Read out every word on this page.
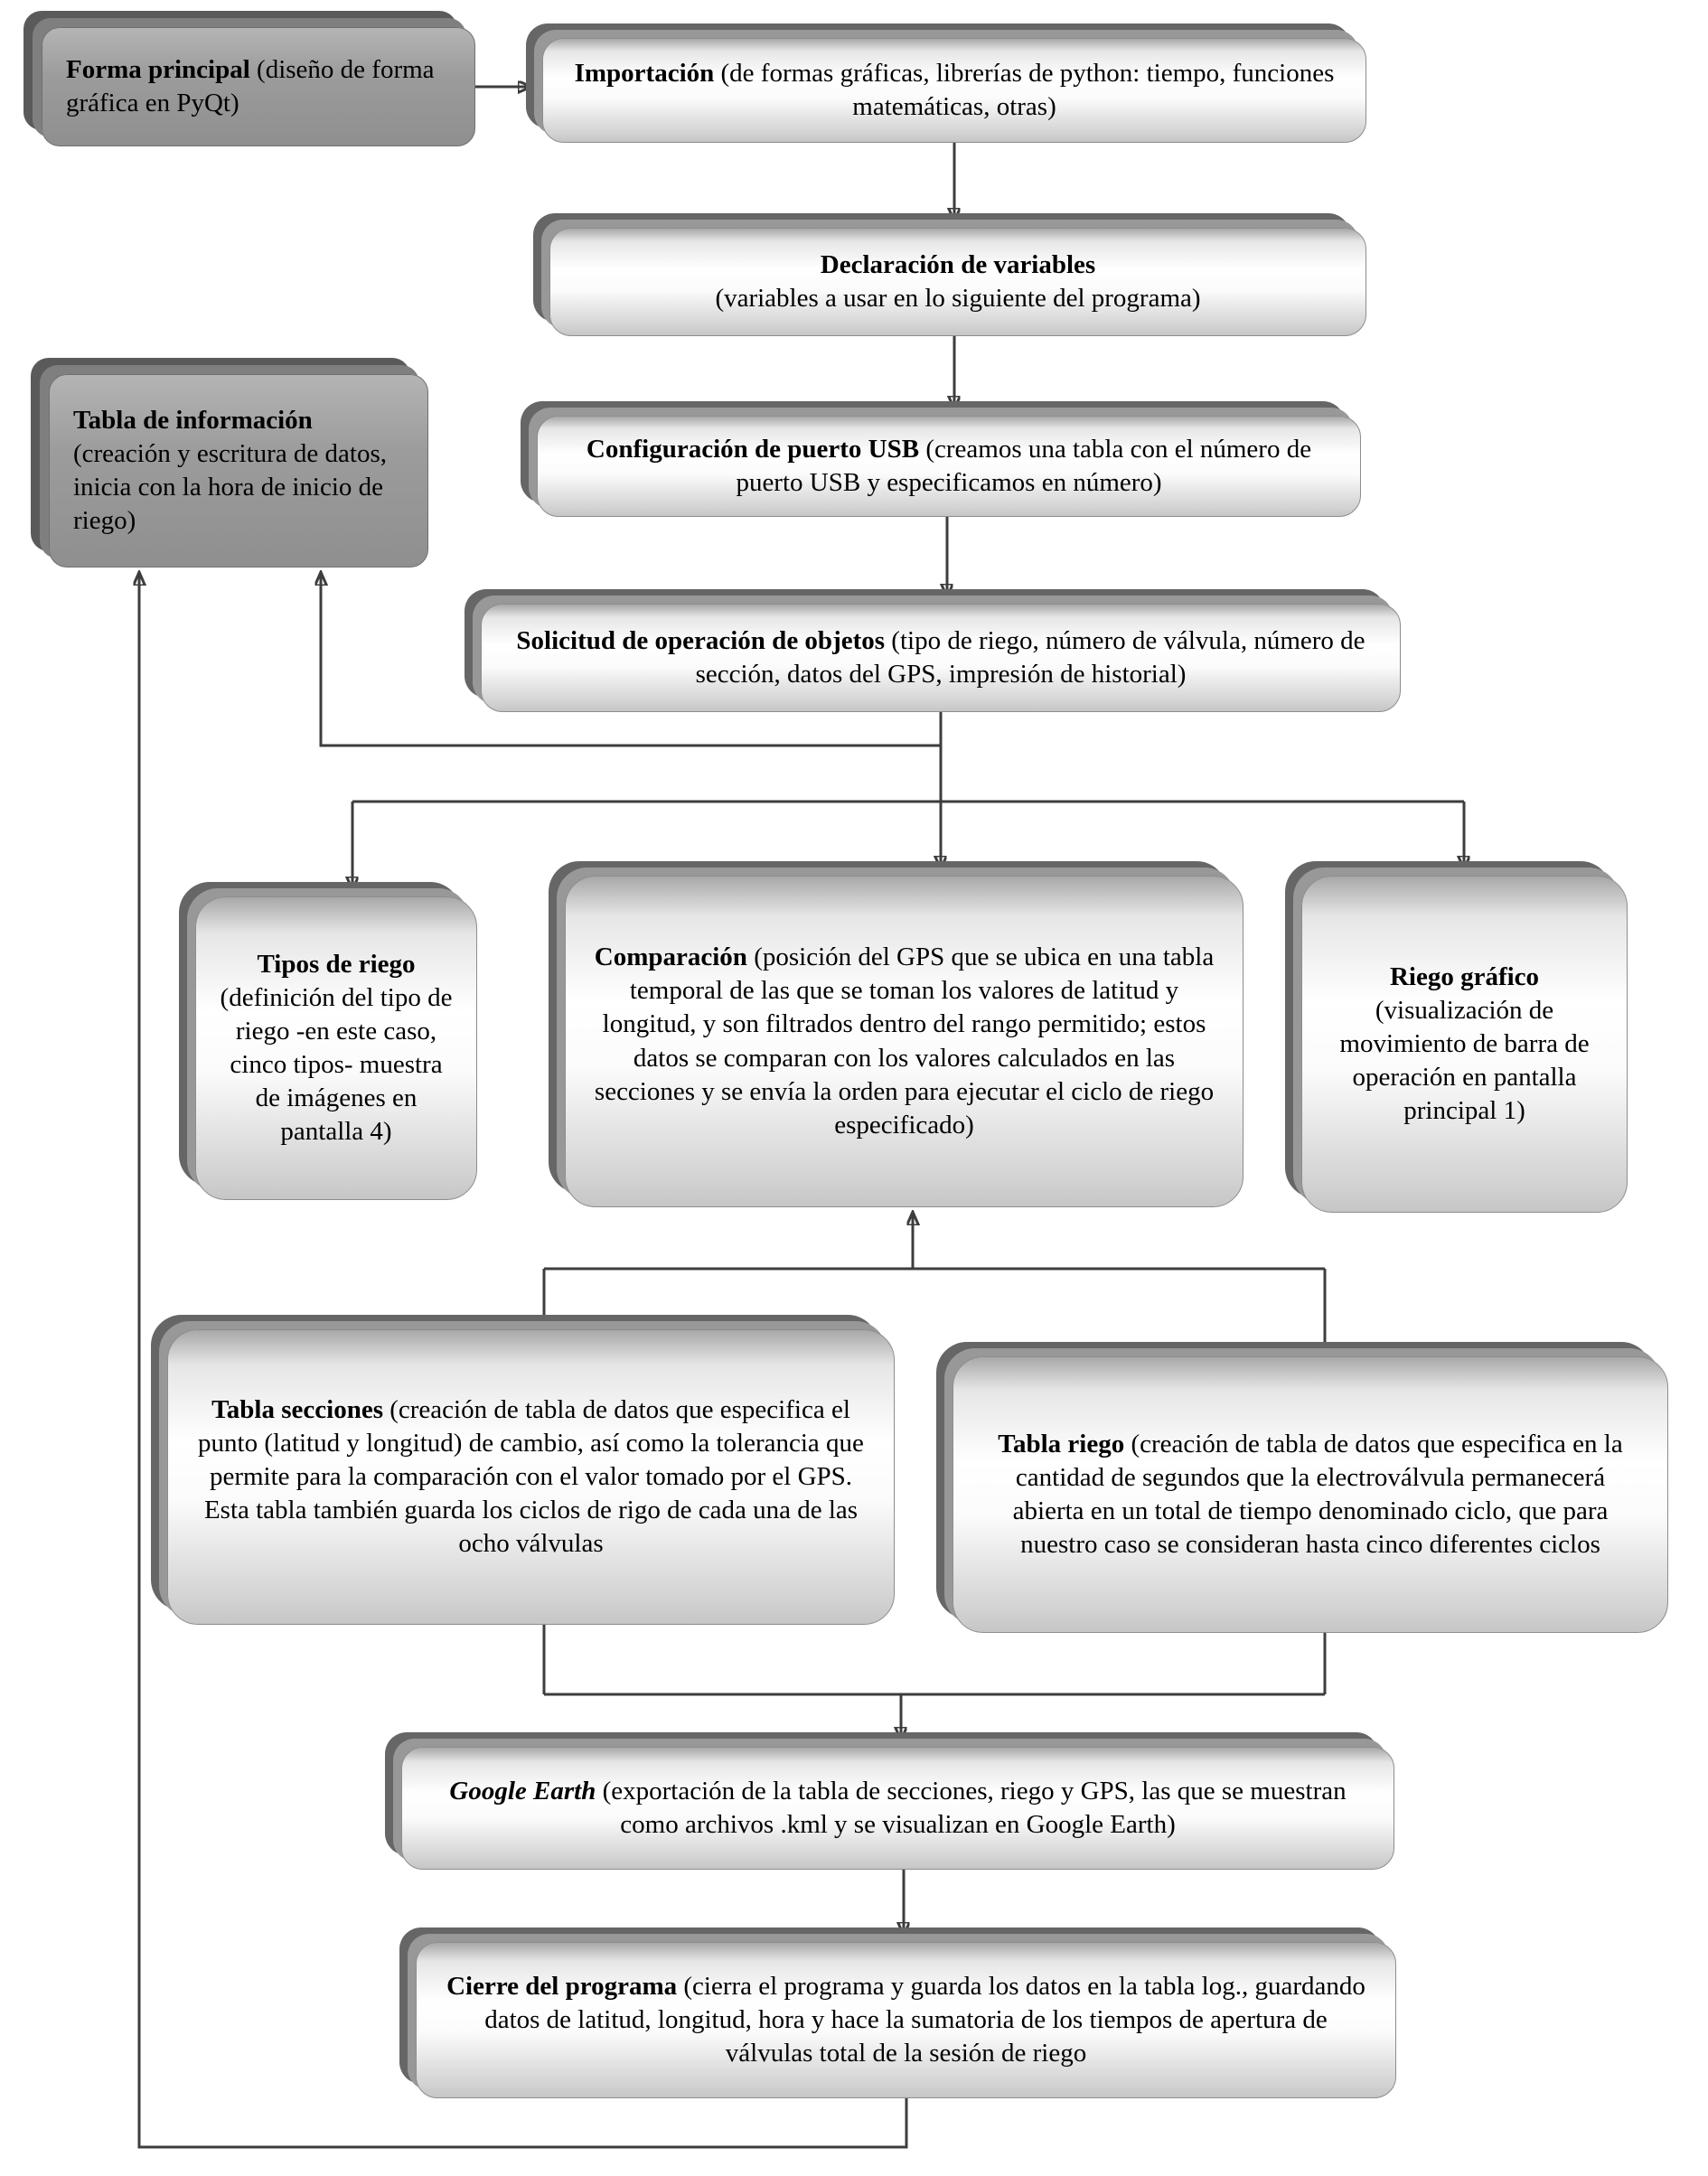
Forma principal (diseño de forma gráfica en PyQt)

Importación (de formas gráficas, librerías de python: tiempo, funciones matemáticas, otras)

Declaración de variables
(variables a usar en lo siguiente del programa)

Configuración de puerto USB (creamos una tabla con el número de puerto USB y especificamos en número)

Solicitud de operación de objetos (tipo de riego, número de válvula, número de sección, datos del GPS, impresión de historial)

Tabla de información
(creación y escritura de datos, inicia con la hora de inicio de riego)

Tipos de riego
(definición del tipo de riego -en este caso, cinco tipos- muestra de imágenes en pantalla 4)

Comparación (posición del GPS que se ubica en una tabla temporal de las que se toman los valores de latitud y longitud, y son filtrados dentro del rango permitido; estos datos se comparan con los valores calculados en las secciones y se envía la orden para ejecutar el ciclo de riego especificado)

Riego gráfico
(visualización de movimiento de barra de operación en pantalla principal 1)

Tabla secciones (creación de tabla de datos que especifica el punto (latitud y longitud) de cambio, así como la tolerancia que permite para la comparación con el valor tomado por el GPS. Esta tabla también guarda los ciclos de rigo de cada una de las ocho válvulas

Tabla riego (creación de tabla de datos que especifica en la cantidad de segundos que la electroválvula permanecerá abierta en un total de tiempo denominado ciclo, que para nuestro caso se consideran hasta cinco diferentes ciclos

Google Earth (exportación de la tabla de secciones, riego y GPS, las que se muestran como archivos .kml y se visualizan en Google Earth)

Cierre del programa (cierra el programa y guarda los datos en la tabla log., guardando datos de latitud, longitud, hora y hace la sumatoria de los tiempos de apertura de válvulas total de la sesión de riego
